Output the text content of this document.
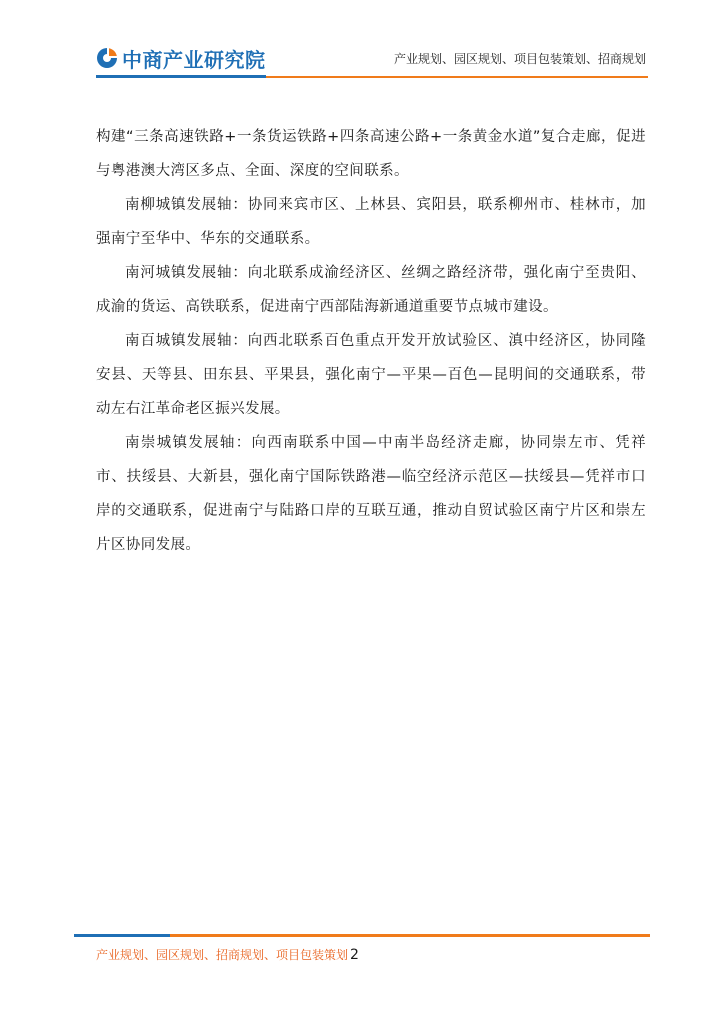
中商产业研究院	产业规划、园区规划、项目包装策划、招商规划

构建“三条高速铁路+一条货运铁路+四条高速公路+一条黄金水道”复合走廊，促进与粤港澳大湾区多点、全面、深度的空间联系。

南柳城镇发展轴：协同来宾市区、上林县、宾阳县，联系柳州市、桂林市，加强南宁至华中、华东的交通联系。

南河城镇发展轴：向北联系成渝经济区、丝绸之路经济带，强化南宁至贵阳、成渝的货运、高铁联系，促进南宁西部陆海新通道重要节点城市建设。

南百城镇发展轴：向西北联系百色重点开发开放试验区、滇中经济区，协同隆安县、天等县、田东县、平果县，强化南宁—平果—百色—昆明间的交通联系，带动左右江革命老区振兴发展。

南崇城镇发展轴：向西南联系中国—中南半岛经济走廊，协同崇左市、凭祥市、扶绥县、大新县，强化南宁国际铁路港—临空经济示范区—扶绥县—凭祥市口岸的交通联系，促进南宁与陆路口岸的互联互通，推动自贸试验区南宁片区和崇左片区协同发展。

产业规划、园区规划、招商规划、项目包装策划 2
